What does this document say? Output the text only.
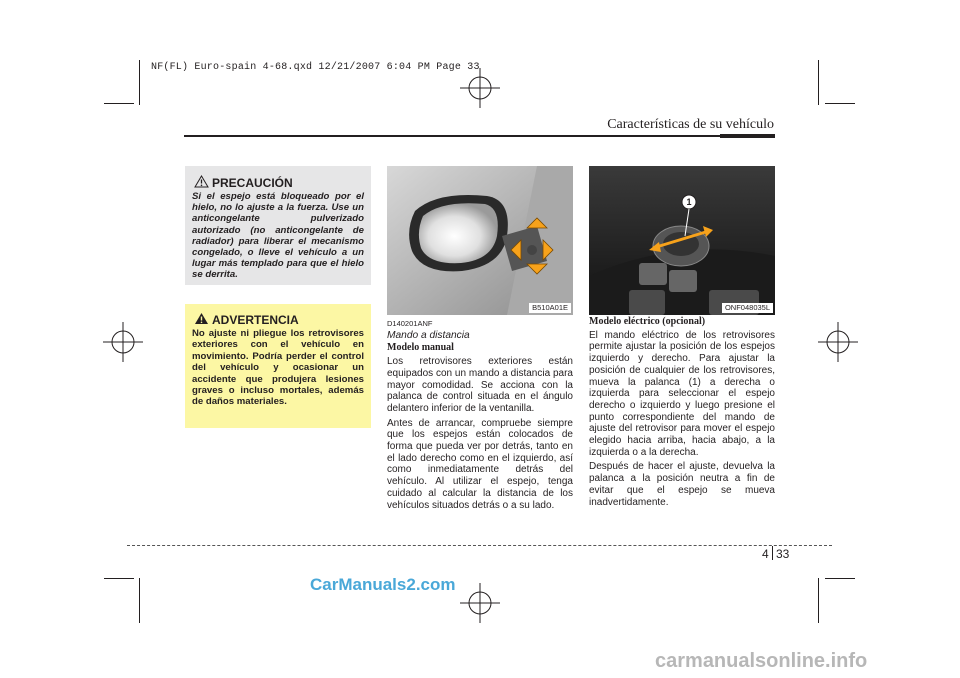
NF(FL) Euro-spain 4-68.qxd 12/21/2007 6:04 PM Page 33
Características de su vehículo
PRECAUCIÓN
Si el espejo está bloqueado por el hielo, no lo ajuste a la fuerza. Use un anticongelante pulverizado autorizado (no anticongelante de radiador) para liberar el mecanismo congelado, o lleve el vehículo a un lugar más templado para que el hielo se derrita.
ADVERTENCIA
No ajuste ni pliegue los retrovisores exteriores con el vehículo en movimiento. Podría perder el control del vehículo y ocasionar un accidente que produjera lesiones graves o incluso mortales, además de daños materiales.
B510A01E
1
ONF048035L

D140201ANF

Mando a distancia

Modelo manual

Los retrovisores exteriores están equipados con un mando a distancia para mayor comodidad. Se acciona con la palanca de control situada en el ángulo delantero inferior de la ventanilla.

Antes de arrancar, compruebe siempre que los espejos están colocados de forma que pueda ver por detrás, tanto en el lado derecho como en el izquierdo, así como inmediatamente detrás del vehículo. Al utilizar el espejo, tenga cuidado al calcular la distancia de los vehículos situados detrás o a su lado.

Modelo eléctrico (opcional)

El mando eléctrico de los retrovisores permite ajustar la posición de los espejos izquierdo y derecho. Para ajustar la posición de cualquier de los retrovisores, mueva la palanca (1) a derecha o izquierda para seleccionar el espejo derecho o izquierdo y luego presione el punto correspondiente del mando de ajuste del retrovisor para mover el espejo elegido hacia arriba, hacia abajo, a la izquierda o a la derecha.

Después de hacer el ajuste, devuelva la palanca a la posición neutra a fin de evitar que el espejo se mueva inadvertidamente.

4 33
CarManuals2.com
carmanualsonline.info
